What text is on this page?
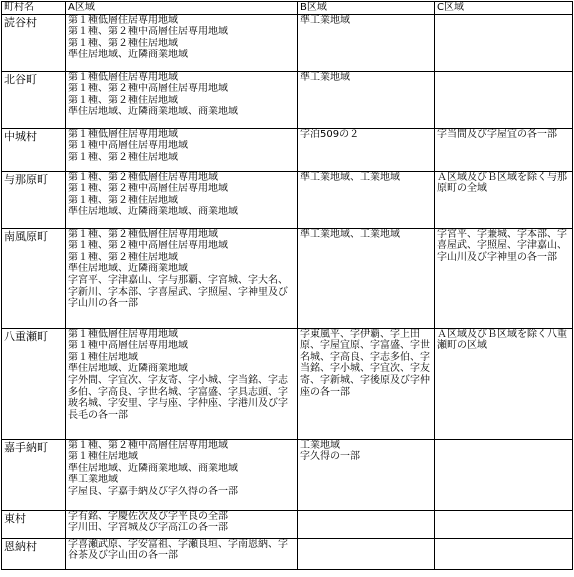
町村名	A区域	B区域	C区域
読谷村	第１種低層住居専用地域
第１種、第２種中高層住居専用地域
第１種、第２種住居地域
準住居地域、近隣商業地域	準工業地域	
北谷町	第１種低層住居専用地域
第１種、第２種中高層住居専用地域
第１種、第２種住居地域
準住居地域、近隣商業地域、商業地域	準工業地域	
中城村	第１種低層住居専用地域
第１種中高層住居専用地域
第１種、第２種住居地域	字泊509の２	字当間及び字屋宜の各一部
与那原町	第１種、第２種低層住居専用地域
第１種、第２種中高層住居専用地域
第１種、第２種住居地域
準住居地域、近隣商業地域、商業地域	準工業地域、工業地域	Ａ区域及びＢ区域を除く与那原町の全域
南風原町	第１種、第２種低層住居専用地域
第１種、第２種中高層住居専用地域
第１種、第２種住居地域
準住居地域、近隣商業地域
字宮平、字津嘉山、字与那覇、字宮城、字大名、字新川、字本部、字喜屋武、字照屋、字神里及び字山川の各一部	準工業地域、工業地域	字宮平、字兼城、字本部、字喜屋武、字照屋、字津嘉山、字山川及び字神里の各一部
八重瀬町	第１種低層住居専用地域
第１種中高層住居専用地域
第１種住居地域
準住居地域、近隣商業地域
字外間、字宜次、字友寄、字小城、字当銘、字志多伯、字高良、字世名城、字富盛、字具志頭、字玻名城、字安里、字与座、字仲座、字港川及び字長毛の各一部	字東風平、字伊覇、字上田原、字屋宜原、字富盛、字世名城、字高良、字志多伯、字当銘、字小城、字宜次、字友寄、字新城、字後原及び字仲座の各一部	Ａ区域及びＢ区域を除く八重瀬町の区域
嘉手納町	第１種、第２種中高層住居専用地域
第１種住居地域
準住居地域、近隣商業地域、商業地域
準工業地域
字屋良、字嘉手納及び字久得の各一部	工業地域
字久得の一部	
東村	字有銘、字慶佐次及び字平良の全部
字川田、字宮城及び字高江の各一部		

恩納村	字喜瀬武原、字安富祖、字瀬良垣、字南恩納、字谷茶及び字山田の各一部		
